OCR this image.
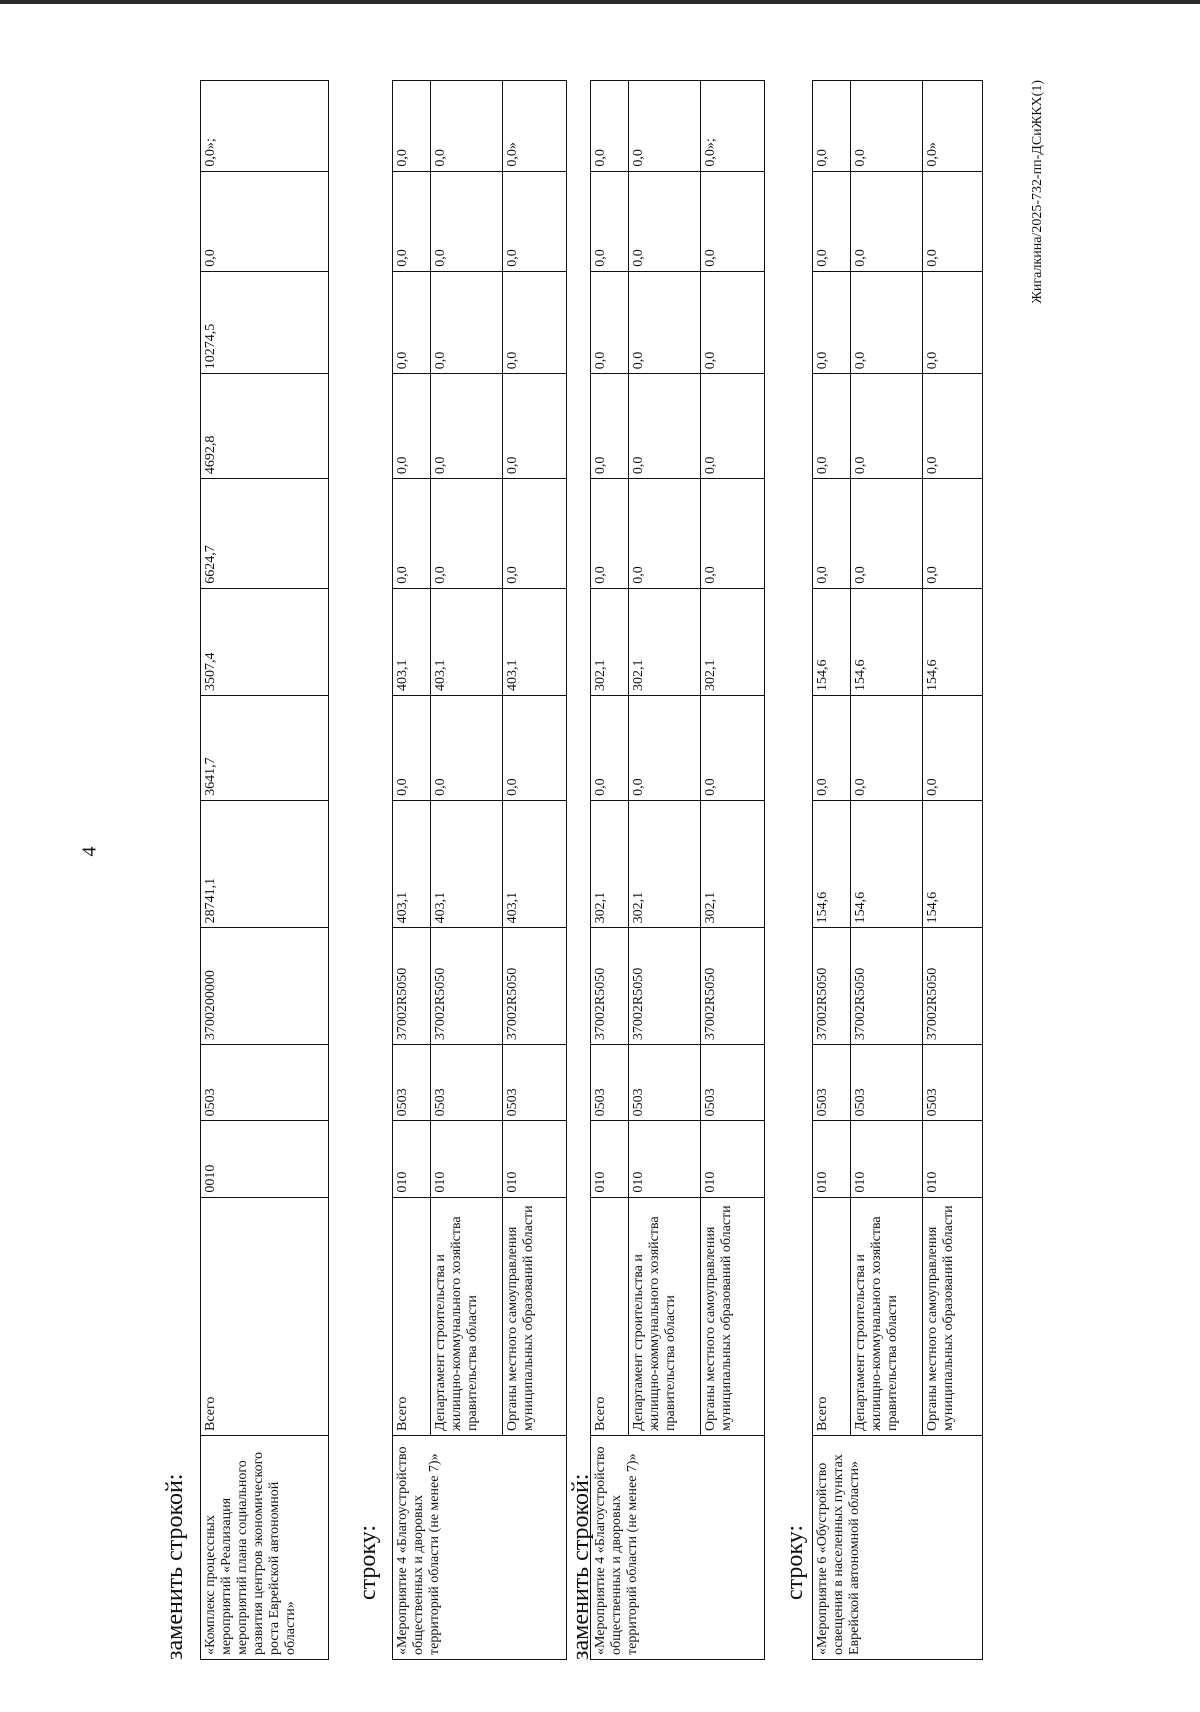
4
заменить строкой: «Комплекс процессных мероприятий «Реализация мероприятий плана социального развития центров экономического роста Еврейской автономной области»	Всего	0010	0503	3700200000	28741,1	3641,7	3507,4	6624,7	4692,8	10274,5	0,0	0,0»;
строку: «Мероприятие 4 «Благоустройство общественных и дворовых территорий области (не менее 7)»	Всего	010	0503	37002R5050	403,1	0,0	403,1	0,0	0,0	0,0	0,0	0,0
	Департамент строительства и жилищно-коммунального хозяйства правительства области	010	0503	37002R5050	403,1	0,0	403,1	0,0	0,0	0,0	0,0	0,0
	Органы местного самоуправления муниципальных образований области	010	0503	37002R5050	403,1	0,0	403,1	0,0	0,0	0,0	0,0	0,0»
заменить строкой: «Мероприятие 4 «Благоустройство общественных и дворовых территорий области (не менее 7)»	Всего	010	0503	37002R5050	302,1	0,0	302,1	0,0	0,0	0,0	0,0	0,0
	Департамент строительства и жилищно-коммунального хозяйства правительства области	010	0503	37002R5050	302,1	0,0	302,1	0,0	0,0	0,0	0,0	0,0
	Органы местного самоуправления муниципальных образований области	010	0503	37002R5050	302,1	0,0	302,1	0,0	0,0	0,0	0,0	0,0»;
строку: «Мероприятие 6 «Обустройство освещения в населенных пунктах Еврейской автономной области»	Всего	010	0503	37002R5050	154,6	0,0	154,6	0,0	0,0	0,0	0,0	0,0
	Департамент строительства и жилищно-коммунального хозяйства правительства области	010	0503	37002R5050	154,6	0,0	154,6	0,0	0,0	0,0	0,0	0,0
	Органы местного самоуправления муниципальных образований области	010	0503	37002R5050	154,6	0,0	154,6	0,0	0,0	0,0	0,0	0,0»	Жигалкина/2025-732-пп-ДСиЖКХ(1)
